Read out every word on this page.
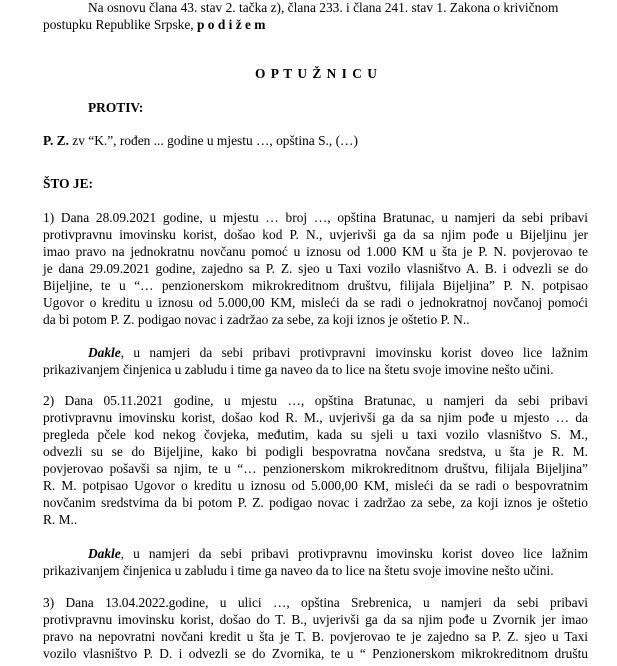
Na osnovu člana 43. stav 2. tačka z), člana 233. i člana 241. stav 1. Zakona o krivičnom
postupku Republike Srpske, p o d i ž e m
O P T U Ž N I C U
PROTIV:
P. Z. zv “K.”, rođen ... godine u mjestu …, opština S., (…)
ŠTO JE:
1) Dana 28.09.2021 godine, u mjestu … broj …, opština Bratunac, u namjeri da sebi pribavi
protivpravnu imovinsku korist, došao kod P. N., uvjerivši ga da sa njim pođe u Bijeljinu jer
imao pravo na jednokratnu novčanu pomoć u iznosu od 1.000 KM u šta je P. N. povjerovao te
je dana 29.09.2021 godine, zajedno sa P. Z. sjeo u Taxi vozilo vlasništvo A. B. i odvezli se do
Bijeljine, te u “… penzionerskom mikrokreditnom društvu, filijala Bijeljina” P. N. potpisao
Ugovor o kreditu u iznosu od 5.000,00 KM, misleći da se radi o jednokratnoj novčanoj pomoći
da bi potom P. Z. podigao novac i zadržao za sebe, za koji iznos je oštetio P. N..
Dakle, u namjeri da sebi pribavi protivpravni imovinsku korist doveo lice lažnim
prikazivanjem činjenica u zabludu i time ga naveo da to lice na štetu svoje imovine nešto učini.
2) Dana 05.11.2021 godine, u mjestu …, opština Bratunac, u namjeri da sebi pribavi
protivpravnu imovinsku korist, došao kod R. M., uvjerivši ga da sa njim pođe u mjesto … da
pregleda pčele kod nekog čovjeka, međutim, kada su sjeli u taxi vozilo vlasništvo S. M.,
odvezli su se do Bijeljine, kako bi podigli bespovratna novčana sredstva, u šta je R. M.
povjerovao pošavši sa njim, te u “… penzionerskom mikrokreditnom društvu, filijala Bijeljina”
R. M. potpisao Ugovor o kreditu u iznosu od 5.000,00 KM, misleći da se radi o bespovratnim
novčanim sredstvima da bi potom P. Z. podigao novac i zadržao za sebe, za koji iznos je oštetio
R. M..
Dakle, u namjeri da sebi pribavi protivpravnu imovinsku korist doveo lice lažnim
prikazivanjem činjenica u zabludu i time ga naveo da to lice na štetu svoje imovine nešto učini.
3) Dana 13.04.2022.godine, u ulici …, opština Srebrenica, u namjeri da sebi pribavi
protivpravnu imovinsku korist, došao do T. B., uvjerivši ga da sa njim pođe u Zvornik jer imao
pravo na nepovratni novčani kredit u šta je T. B. povjerovao te je zajedno sa P. Z. sjeo u Taxi
vozilo vlasništvo P. D. i odvezli se do Zvornika, te u “ Penzionerskom mikrokreditnom društu
